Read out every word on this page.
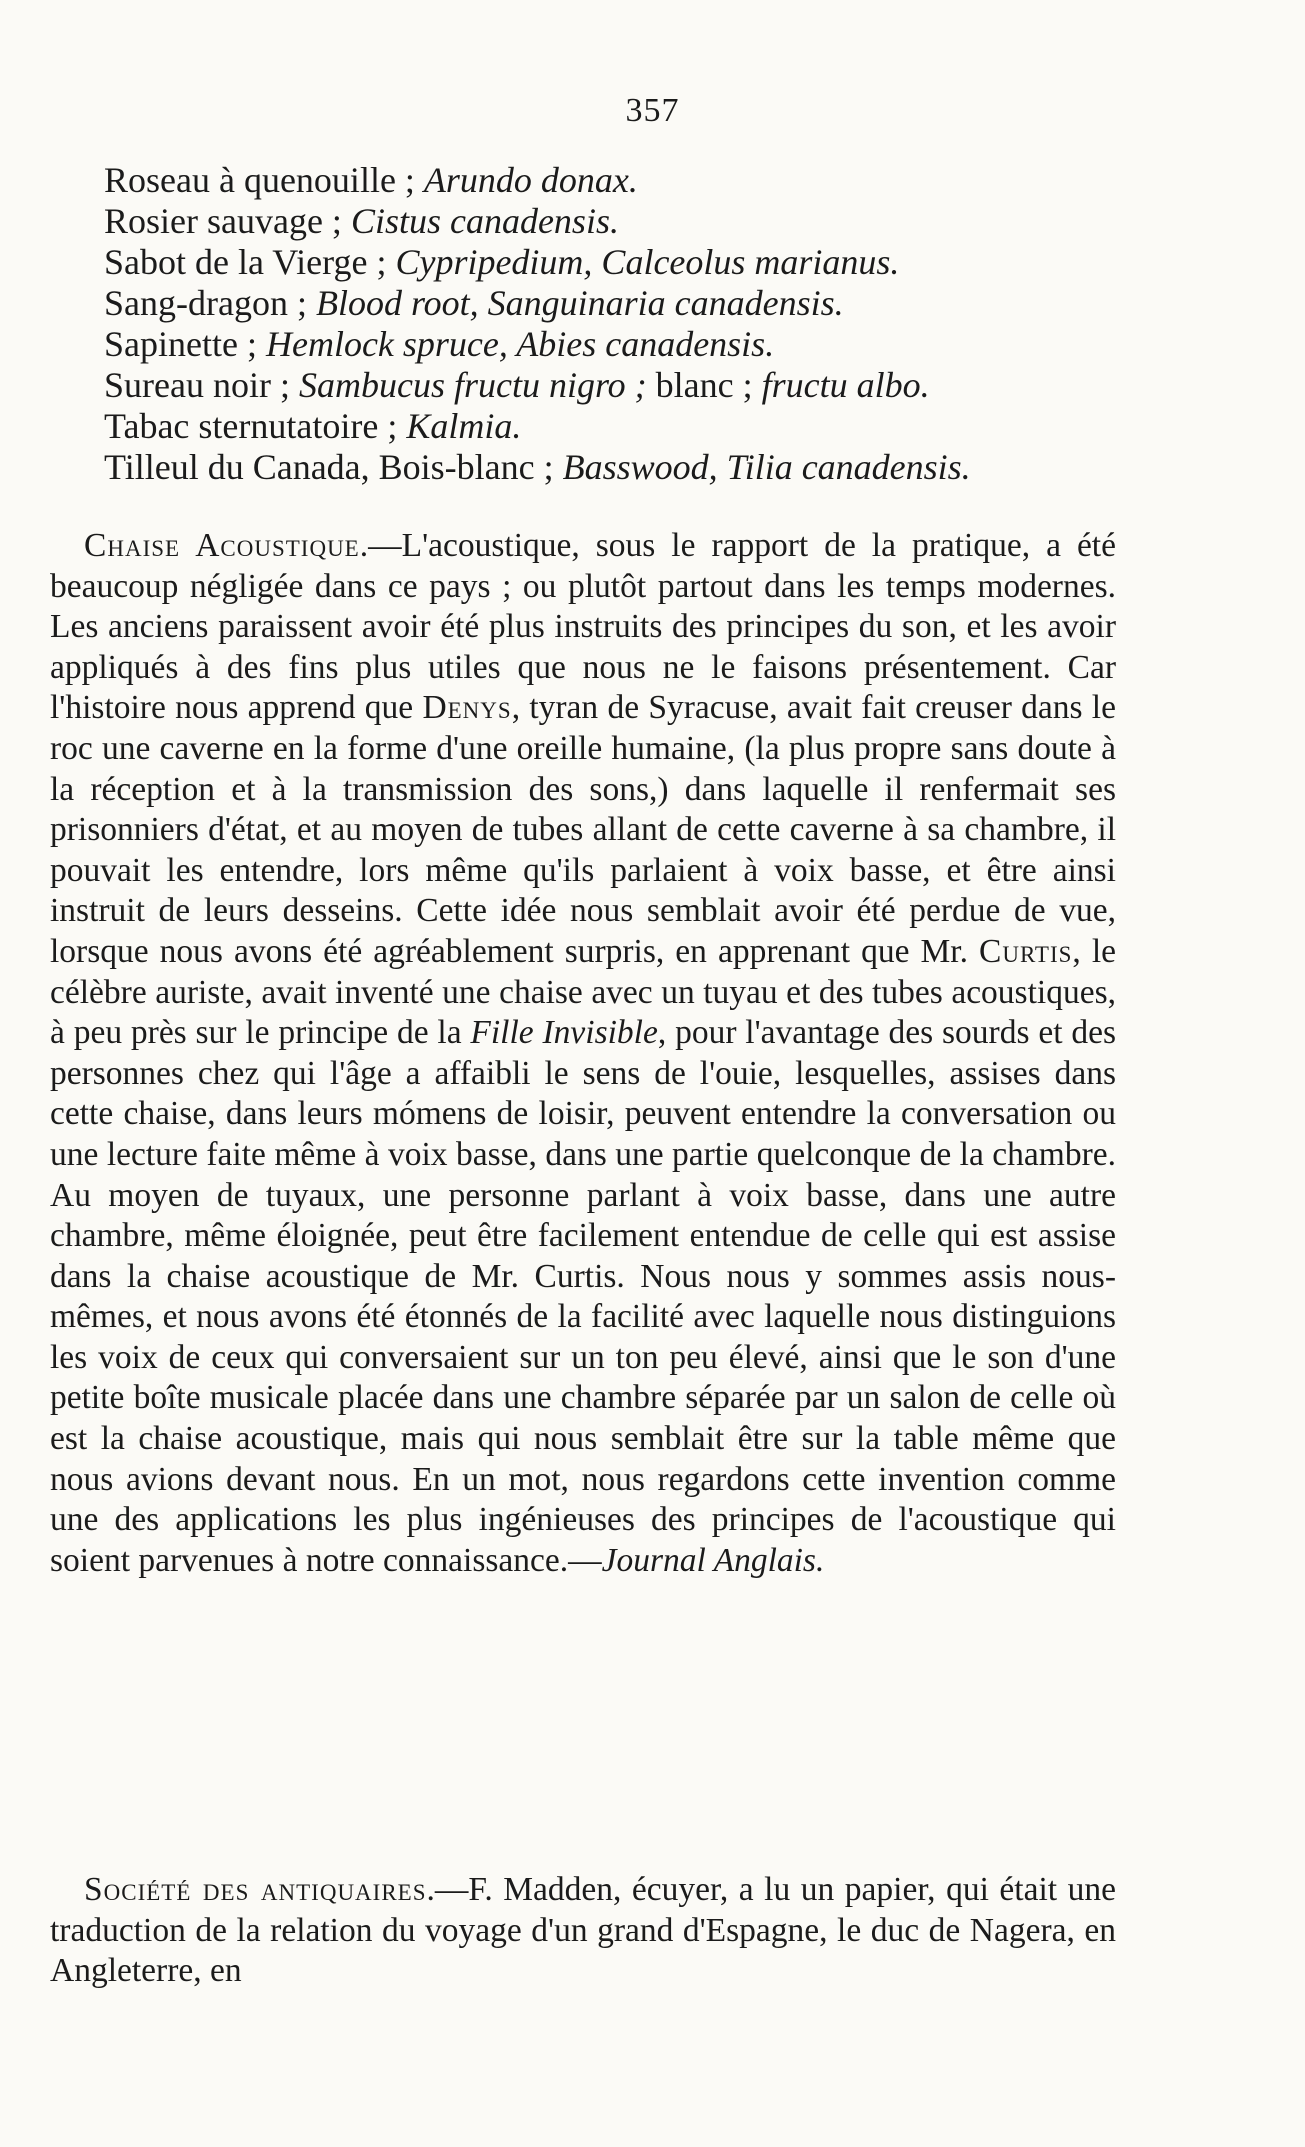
357
Roseau à quenouille ; Arundo donax.
Rosier sauvage ; Cistus canadensis.
Sabot de la Vierge ; Cypripedium, Calceolus marianus.
Sang-dragon ; Blood root, Sanguinaria canadensis.
Sapinette ; Hemlock spruce, Abies canadensis.
Sureau noir ; Sambucus fructu nigro ; blanc ; fructu albo.
Tabac sternutatoire ; Kalmia.
Tilleul du Canada, Bois-blanc ; Basswood, Tilia canadensis.

Chaise Acoustique.—L'acoustique, sous le rapport de la pratique, a été beaucoup négligée dans ce pays ; ou plutôt partout dans les temps modernes. Les anciens paraissent avoir été plus instruits des principes du son, et les avoir appliqués à des fins plus utiles que nous ne le faisons présentement. Car l'histoire nous apprend que Denys, tyran de Syracuse, avait fait creuser dans le roc une caverne en la forme d'une oreille humaine, (la plus propre sans doute à la réception et à la transmission des sons,) dans laquelle il renfermait ses prisonniers d'état, et au moyen de tubes allant de cette caverne à sa chambre, il pouvait les entendre, lors même qu'ils parlaient à voix basse, et être ainsi instruit de leurs desseins. Cette idée nous semblait avoir été perdue de vue, lorsque nous avons été agréablement surpris, en apprenant que Mr. Curtis, le célèbre auriste, avait inventé une chaise avec un tuyau et des tubes acoustiques, à peu près sur le principe de la Fille Invisible, pour l'avantage des sourds et des personnes chez qui l'âge a affaibli le sens de l'ouie, lesquelles, assises dans cette chaise, dans leurs mómens de loisir, peuvent entendre la conversation ou une lecture faite même à voix basse, dans une partie quelconque de la chambre. Au moyen de tuyaux, une personne parlant à voix basse, dans une autre chambre, même éloignée, peut être facilement entendue de celle qui est assise dans la chaise acoustique de Mr. Curtis. Nous nous y sommes assis nous-mêmes, et nous avons été étonnés de la facilité avec laquelle nous distinguions les voix de ceux qui conversaient sur un ton peu élevé, ainsi que le son d'une petite boîte musicale placée dans une chambre séparée par un salon de celle où est la chaise acoustique, mais qui nous semblait être sur la table même que nous avions devant nous. En un mot, nous regardons cette invention comme une des applications les plus ingénieuses des principes de l'acoustique qui soient parvenues à notre connaissance.—Journal Anglais.

Société des antiquaires.—F. Madden, écuyer, a lu un papier, qui était une traduction de la relation du voyage d'un grand d'Espagne, le duc de Nagera, en Angleterre, en
